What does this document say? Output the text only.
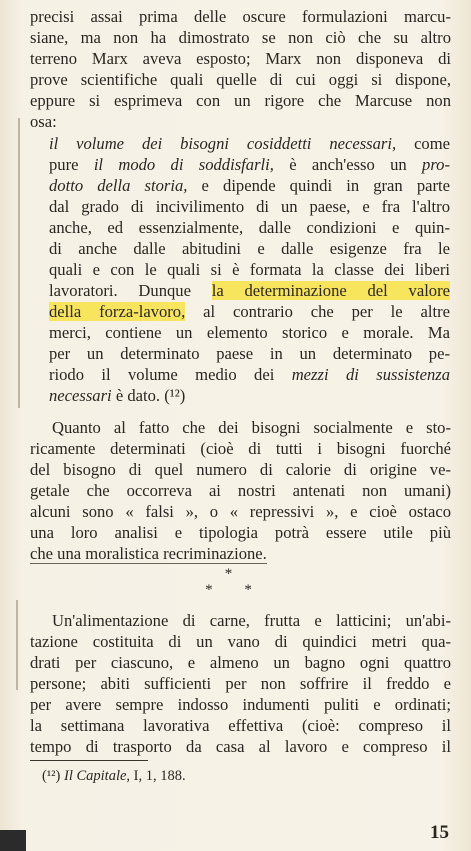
precisi assai prima delle oscure formulazioni marcu-
siane, ma non ha dimostrato se non ciò che su altro
terreno Marx aveva esposto; Marx non disponeva di
prove scientifiche quali quelle di cui oggi si dispone,
eppure si esprimeva con un rigore che Marcuse non
osa:
il volume dei bisogni cosiddetti necessari, come
pure il modo di soddisfarli, è anch'esso un pro-
dotto della storia, e dipende quindi in gran parte
dal grado di incivilimento di un paese, e fra l'altro
anche, ed essenzialmente, dalle condizioni e quin-
di anche dalle abitudini e dalle esigenze fra le
quali e con le quali si è formata la classe dei liberi
lavoratori. Dunque la determinazione del valore
della forza-lavoro, al contrario che per le altre
merci, contiene un elemento storico e morale. Ma
per un determinato paese in un determinato pe-
riodo il volume medio dei mezzi di sussistenza
necessari è dato. (¹²)
Quanto al fatto che dei bisogni socialmente e sto-
ricamente determinati (cioè di tutti i bisogni fuorché
del bisogno di quel numero di calorie di origine ve-
getale che occorreva ai nostri antenati non umani)
alcuni sono « falsi », o « repressivi », e cioè ostaco
una loro analisi e tipologia potrà essere utile più
che una moralistica recriminazione.
*
* *
Un'alimentazione di carne, frutta e latticini; un'abi-
tazione costituita di un vano di quindici metri qua-
drati per ciascuno, e almeno un bagno ogni quattro
persone; abiti sufficienti per non soffrire il freddo e
per avere sempre indosso indumenti puliti e ordinati;
la settimana lavorativa effettiva (cioè: compreso il
tempo di trasporto da casa al lavoro e compreso il
(¹²) Il Capitale, I, 1, 188.
15
